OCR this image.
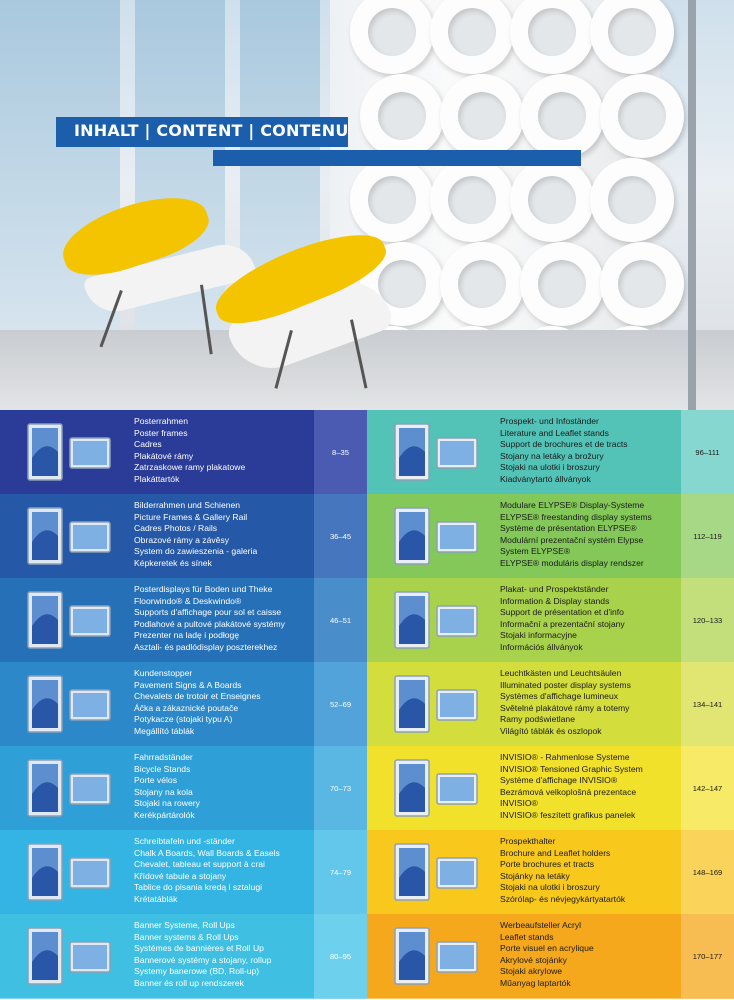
INHALT | CONTENT | CONTENU
Posterrahmen
Poster frames
Cadres
Plakátové rámy
Zatrzaskowe ramy plakatowe
Plakáttartók
8–35
Bilderrahmen und Schienen
Picture Frames & Gallery Rail
Cadres Photos / Rails
Obrazové rámy a závěsy
System do zawieszenia - galeria
Képkeretek és sínek
36–45
Posterdisplays für Boden und Theke
Floorwindo® & Deskwindo®
Supports d'affichage pour sol et caisse
Podlahové a pultové plakátové systémy
Prezenter na ladę i podłogę
Asztali- és padlódisplay poszterekhez
46–51
Kundenstopper
Pavement Signs & A Boards
Chevalets de trotoir et Enseignes
Áčka a zákaznické poutače
Potykacze (stojaki typu A)
Megállító táblák
52–69
Fahrradständer
Bicycle Stands
Porte vélos
Stojany na kola
Stojaki na rowery
Kerékpártárolók
70–73
Schreibtafeln und -ständer
Chalk A Boards, Wall Boards & Easels
Chevalet, tableau et support à crai
Křídové tabule a stojany
Tablice do pisania kredą i sztalugi
Krétatáblák
74–79
Banner Systeme, Roll Ups
Banner systems & Roll Ups
Systémes de bannières et Roll Up
Bannerové systémy a stojany, rollup
Systemy banerowe (BD, Roll-up)
Banner és roll up rendszerek
80–95
Prospekt- und Infoständer
Literature and Leaflet stands
Support de brochures et de tracts
Stojany na letáky a brožury
Stojaki na ulotki i broszury
Kiadványtartó állványok
96–111
Modulare ELYPSE® Display-Systeme
ELYPSE® freestanding display systems
Système de présentation ELYPSE®
Modulární prezentační systém Elypse
System ELYPSE®
ELYPSE® moduláris display rendszer
112–119
Plakat- und Prospektständer
Information & Display stands
Support de présentation et d'info
Informační a prezentační stojany
Stojaki informacyjne
Információs állványok
120–133
Leuchtkästen und Leuchtsäulen
Illuminated poster display systems
Systèmes d'affichage lumineux
Světelné plakátové rámy a totemy
Ramy podświetlane
Világító táblák és oszlopok
134–141
INVISIO® - Rahmenlose Systeme
INVISIO® Tensioned Graphic System
Système d'affichage INVISIO®
Bezrámová velkoplošná prezentace
INVISIO®
INVISIO® feszített grafikus panelek
142–147
Prospekthalter
Brochure and Leaflet holders
Porte brochures et tracts
Stojánky na letáky
Stojaki na ulotki i broszury
Szórólap- és névjegykártyatartók
148–169
Werbeaufsteller Acryl
Leaflet stands
Porte visuel en acrylique
Akrylové stojánky
Stojaki akrylowe
Műanyag laptartók
170–177
